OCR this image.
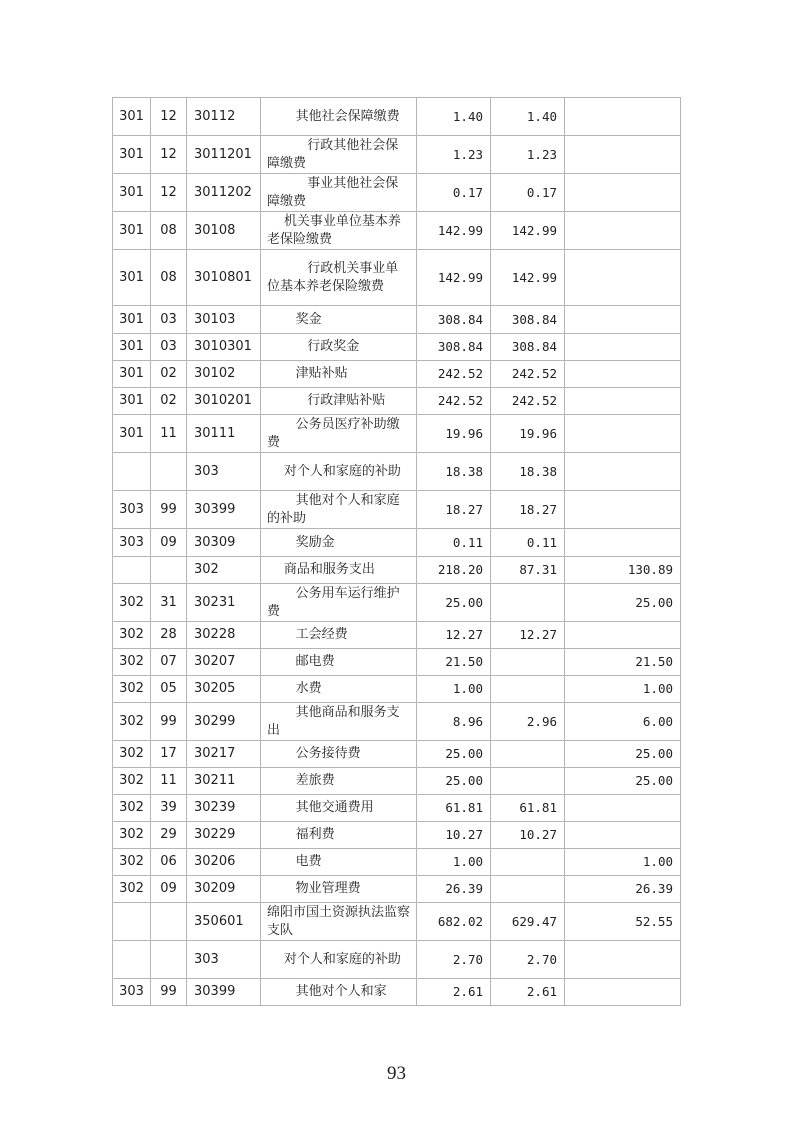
301	12	30112	其他社会保障缴费	1.40	1.40	
301	12	3011201	行政其他社会保障缴费	1.23	1.23	
301	12	3011202	事业其他社会保障缴费	0.17	0.17	
301	08	30108	机关事业单位基本养老保险缴费	142.99	142.99	
301	08	3010801	行政机关事业单位基本养老保险缴费	142.99	142.99	
301	03	30103	奖金	308.84	308.84	
301	03	3010301	行政奖金	308.84	308.84	
301	02	30102	津贴补贴	242.52	242.52	
301	02	3010201	行政津贴补贴	242.52	242.52	
301	11	30111	公务员医疗补助缴费	19.96	19.96	
		303	对个人和家庭的补助	18.38	18.38	
303	99	30399	其他对个人和家庭的补助	18.27	18.27	
303	09	30309	奖励金	0.11	0.11	
		302	商品和服务支出	218.20	87.31	130.89
302	31	30231	公务用车运行维护费	25.00		25.00
302	28	30228	工会经费	12.27	12.27	
302	07	30207	邮电费	21.50		21.50
302	05	30205	水费	1.00		1.00
302	99	30299	其他商品和服务支出	8.96	2.96	6.00
302	17	30217	公务接待费	25.00		25.00
302	11	30211	差旅费	25.00		25.00
302	39	30239	其他交通费用	61.81	61.81	
302	29	30229	福利费	10.27	10.27	
302	06	30206	电费	1.00		1.00
302	09	30209	物业管理费	26.39		26.39
		350601	绵阳市国土资源执法监察支队	682.02	629.47	52.55
		303	对个人和家庭的补助	2.70	2.70	
303	99	30399	其他对个人和家	2.61	2.61	
93
